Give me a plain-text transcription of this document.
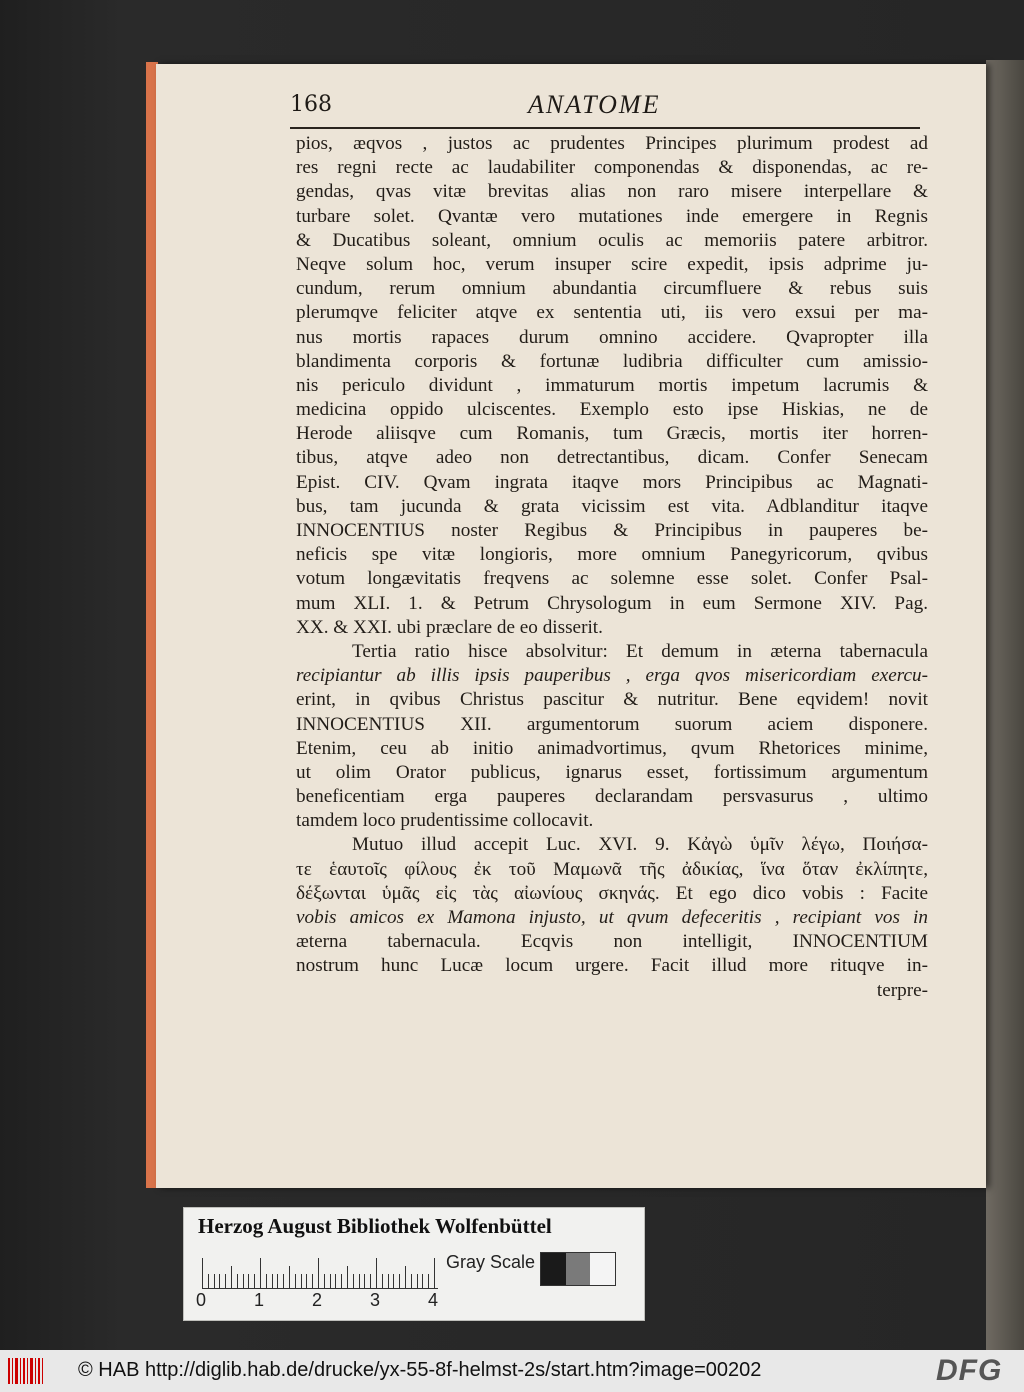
168	ANATOME
pios, æqvos , justos ac prudentes Principes plurimum prodest ad
res regni recte ac laudabiliter componendas & disponendas, ac re-
gendas, qvas vitæ brevitas alias non raro misere interpellare &
turbare solet. Qvantæ vero mutationes inde emergere in Regnis
& Ducatibus soleant, omnium oculis ac memoriis patere arbitror.
Neqve solum hoc, verum insuper scire expedit, ipsis adprime ju-
cundum, rerum omnium abundantia circumfluere & rebus suis
plerumqve feliciter atqve ex sententia uti, iis vero exsui per ma-
nus mortis rapaces durum omnino accidere. Qvapropter illa
blandimenta corporis & fortunæ ludibria difficulter cum amissio-
nis periculo dividunt , immaturum mortis impetum lacrumis &
medicina oppido ulciscentes. Exemplo esto ipse Hiskias, ne de
Herode aliisqve cum Romanis, tum Græcis, mortis iter horren-
tibus, atqve adeo non detrectantibus, dicam. Confer Senecam
Epist. CIV. Qvam ingrata itaqve mors Principibus ac Magnati-
bus, tam jucunda & grata vicissim est vita. Adblanditur itaqve
INNOCENTIUS noster Regibus & Principibus in pauperes be-
neficis spe vitæ longioris, more omnium Panegyricorum, qvibus
votum longævitatis freqvens ac solemne esse solet. Confer Psal-
mum XLI. 1. & Petrum Chrysologum in eum Sermone XIV. Pag.
XX. & XXI. ubi præclare de eo disserit.
Tertia ratio hisce absolvitur: Et demum in æterna tabernacula
recipiantur ab illis ipsis pauperibus , erga qvos misericordiam exercu-
erint, in qvibus Christus pascitur & nutritur. Bene eqvidem! novit
INNOCENTIUS XII. argumentorum suorum aciem disponere.
Etenim, ceu ab initio animadvortimus, qvum Rhetorices minime,
ut olim Orator publicus, ignarus esset, fortissimum argumentum
beneficentiam erga pauperes declarandam persvasurus , ultimo
tamdem loco prudentissime collocavit.
Mutuo illud accepit Luc. XVI. 9. Κἀγὼ ὑμῖν λέγω, Ποιήσα-
τε ἑαυτοῖς φίλους ἐκ τοῦ Μαμωνᾶ τῆς ἀδικίας, ἵνα ὅταν ἐκλίπητε,
δέξωνται ὑμᾶς εἰς τὰς αἰωνίους σκηνάς. Et ego dico vobis : Facite
vobis amicos ex Mamona injusto, ut qvum defeceritis , recipiant vos in
æterna tabernacula. Ecqvis non intelligit, INNOCENTIUM
nostrum hunc Lucæ locum urgere. Facit illud more rituqve in-
terpre-
Herzog August Bibliothek Wolfenbüttel
0	1	2	3	4
Gray Scale
© HAB http://diglib.hab.de/drucke/yx-55-8f-helmst-2s/start.htm?image=00202	DFG
